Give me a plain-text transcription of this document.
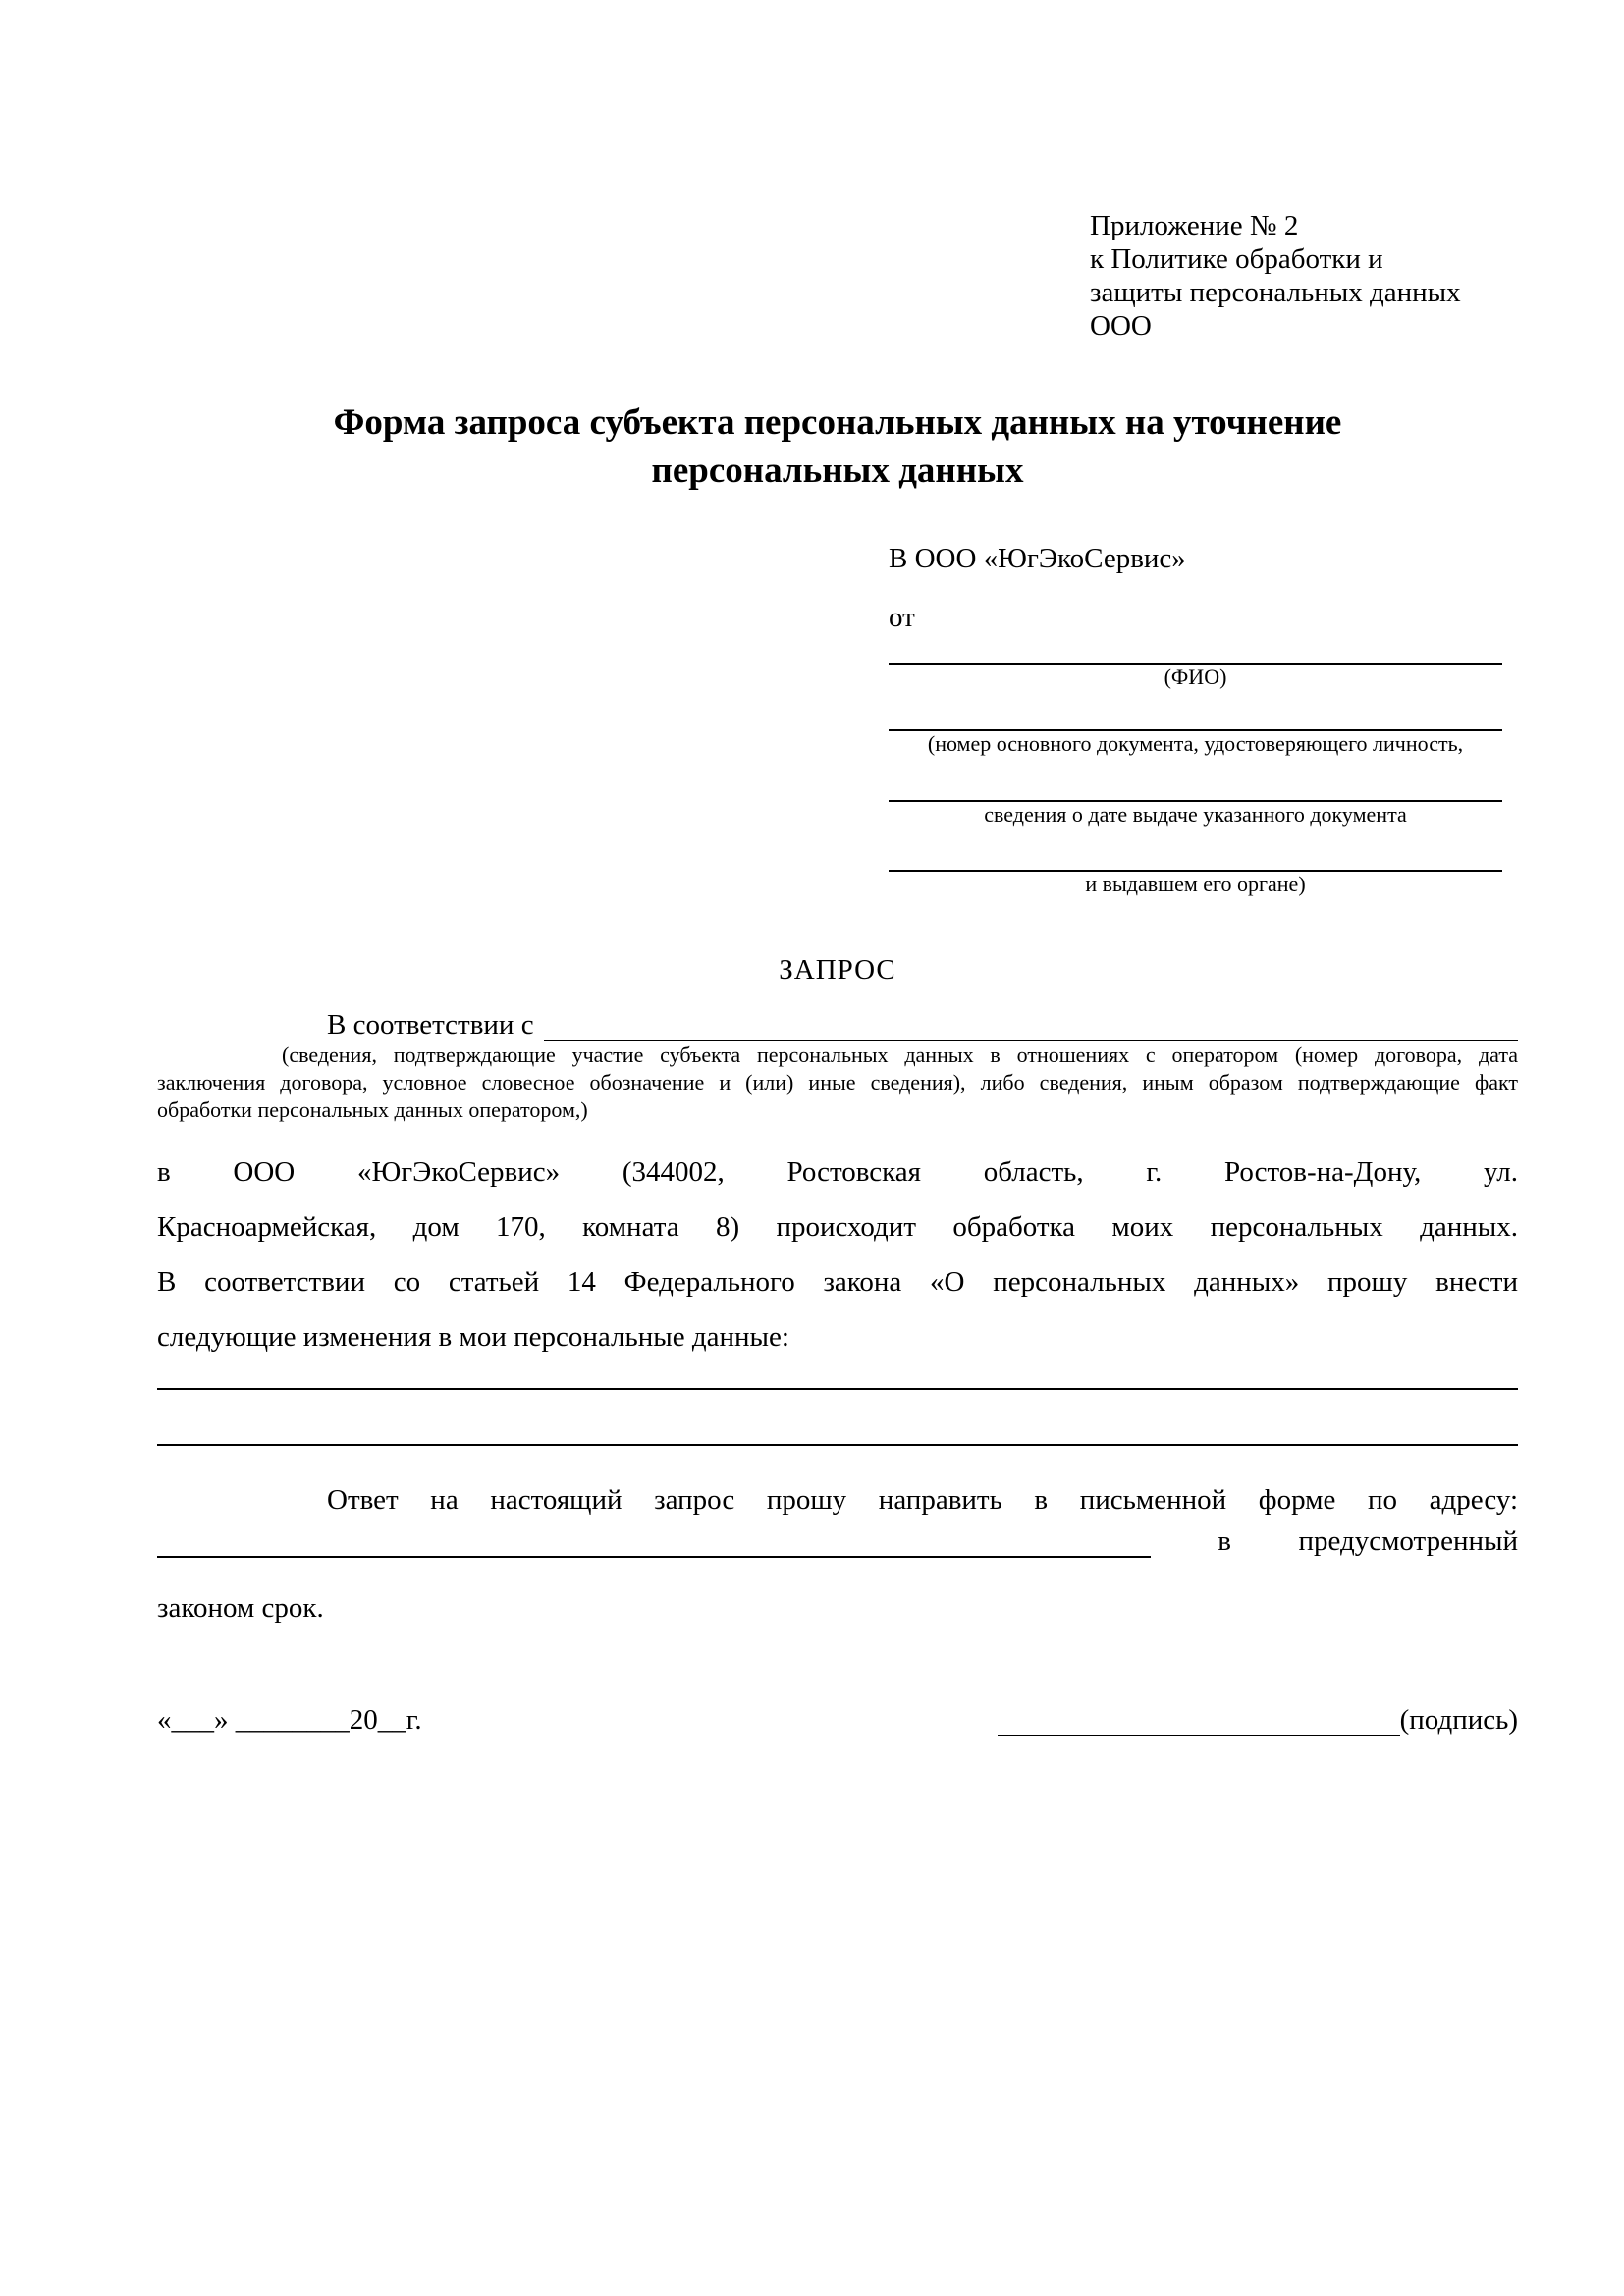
Приложение № 2
к Политике обработки и
защиты персональных данных
ООО
Форма запроса субъекта персональных данных на уточнение
персональных данных
В ООО «ЮгЭкоСервис»
от
(ФИО)
(номер основного документа, удостоверяющего личность,
сведения о дате выдаче указанного документа
и выдавшем его органе)
ЗАПРОС
В соответствии с
(сведения, подтверждающие участие субъекта персональных данных в отношениях с оператором (номер договора, дата
заключения договора, условное словесное обозначение и (или) иные сведения), либо сведения, иным образом подтверждающие факт
обработки персональных данных оператором,)
в ООО «ЮгЭкоСервис» (344002, Ростовская область, г. Ростов-на-Дону, ул.
Красноармейская, дом 170, комната 8) происходит обработка моих персональных данных.
В соответствии со статьей 14 Федерального закона «О персональных данных» прошу внести
следующие изменения в мои персональные данные:
Ответ на настоящий запрос прошу направить в письменной форме по адресу:
в предусмотренный
законом срок.
«___» ________20__г.	(подпись)
